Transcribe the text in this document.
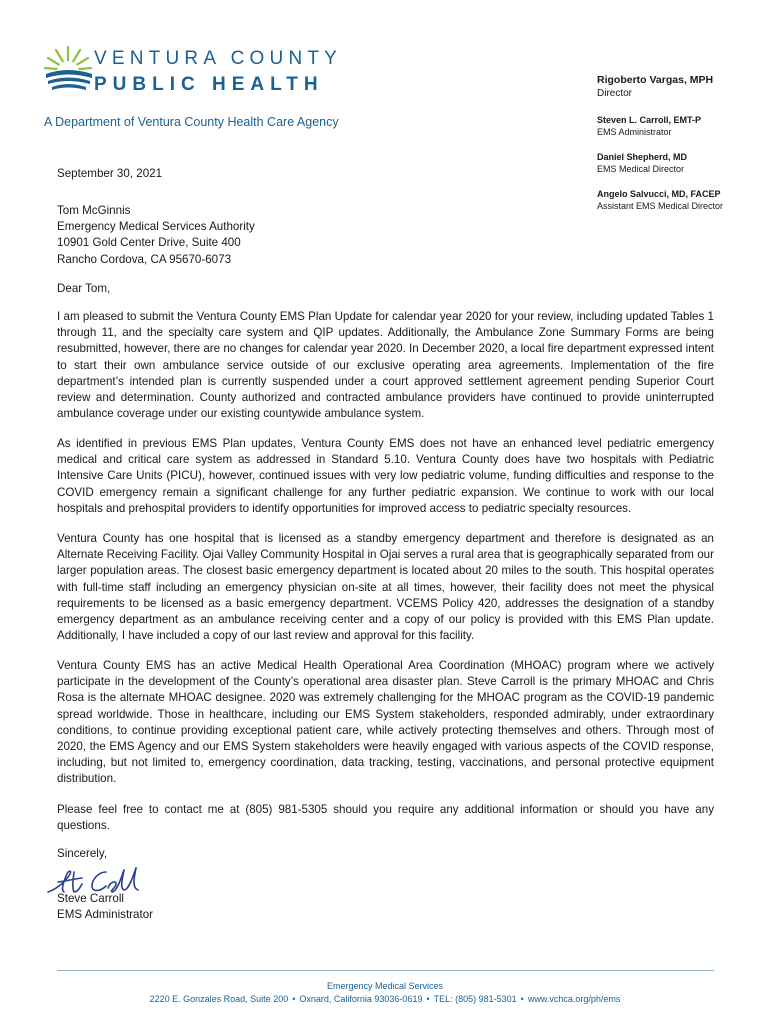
VENTURA COUNTY
PUBLIC HEALTH
A Department of Ventura County Health Care Agency
Rigoberto Vargas, MPH
Director
Steven L. Carroll, EMT-P
EMS Administrator
Daniel Shepherd, MD
EMS Medical Director
Angelo Salvucci, MD, FACEP
Assistant EMS Medical Director
September 30, 2021
Tom McGinnis
Emergency Medical Services Authority
10901 Gold Center Drive, Suite 400
Rancho Cordova, CA 95670-6073
Dear Tom,
I am pleased to submit the Ventura County EMS Plan Update for calendar year 2020 for your review, including updated Tables 1 through 11, and the specialty care system and QIP updates. Additionally, the Ambulance Zone Summary Forms are being resubmitted, however, there are no changes for calendar year 2020. In December 2020, a local fire department expressed intent to start their own ambulance service outside of our exclusive operating area agreements. Implementation of the fire department’s intended plan is currently suspended under a court approved settlement agreement pending Superior Court review and determination. County authorized and contracted ambulance providers have continued to provide uninterrupted ambulance coverage under our existing countywide ambulance system.
As identified in previous EMS Plan updates, Ventura County EMS does not have an enhanced level pediatric emergency medical and critical care system as addressed in Standard 5.10. Ventura County does have two hospitals with Pediatric Intensive Care Units (PICU), however, continued issues with very low pediatric volume, funding difficulties and response to the COVID emergency remain a significant challenge for any further pediatric expansion. We continue to work with our local hospitals and prehospital providers to identify opportunities for improved access to pediatric specialty resources.
Ventura County has one hospital that is licensed as a standby emergency department and therefore is designated as an Alternate Receiving Facility. Ojai Valley Community Hospital in Ojai serves a rural area that is geographically separated from our larger population areas. The closest basic emergency department is located about 20 miles to the south. This hospital operates with full-time staff including an emergency physician on-site at all times, however, their facility does not meet the physical requirements to be licensed as a basic emergency department. VCEMS Policy 420, addresses the designation of a standby emergency department as an ambulance receiving center and a copy of our policy is provided with this EMS Plan update. Additionally, I have included a copy of our last review and approval for this facility.
Ventura County EMS has an active Medical Health Operational Area Coordination (MHOAC) program where we actively participate in the development of the County’s operational area disaster plan. Steve Carroll is the primary MHOAC and Chris Rosa is the alternate MHOAC designee. 2020 was extremely challenging for the MHOAC program as the COVID-19 pandemic spread worldwide. Those in healthcare, including our EMS System stakeholders, responded admirably, under extraordinary conditions, to continue providing exceptional patient care, while actively protecting themselves and others. Through most of 2020, the EMS Agency and our EMS System stakeholders were heavily engaged with various aspects of the COVID response, including, but not limited to, emergency coordination, data tracking, testing, vaccinations, and personal protective equipment distribution.
Please feel free to contact me at (805) 981-5305 should you require any additional information or should you have any questions.
Sincerely,
Steve Carroll
EMS Administrator
Emergency Medical Services
2220 E. Gonzales Road, Suite 200 • Oxnard, California 93036-0619 • TEL: (805) 981-5301 • www.vchca.org/ph/ems
